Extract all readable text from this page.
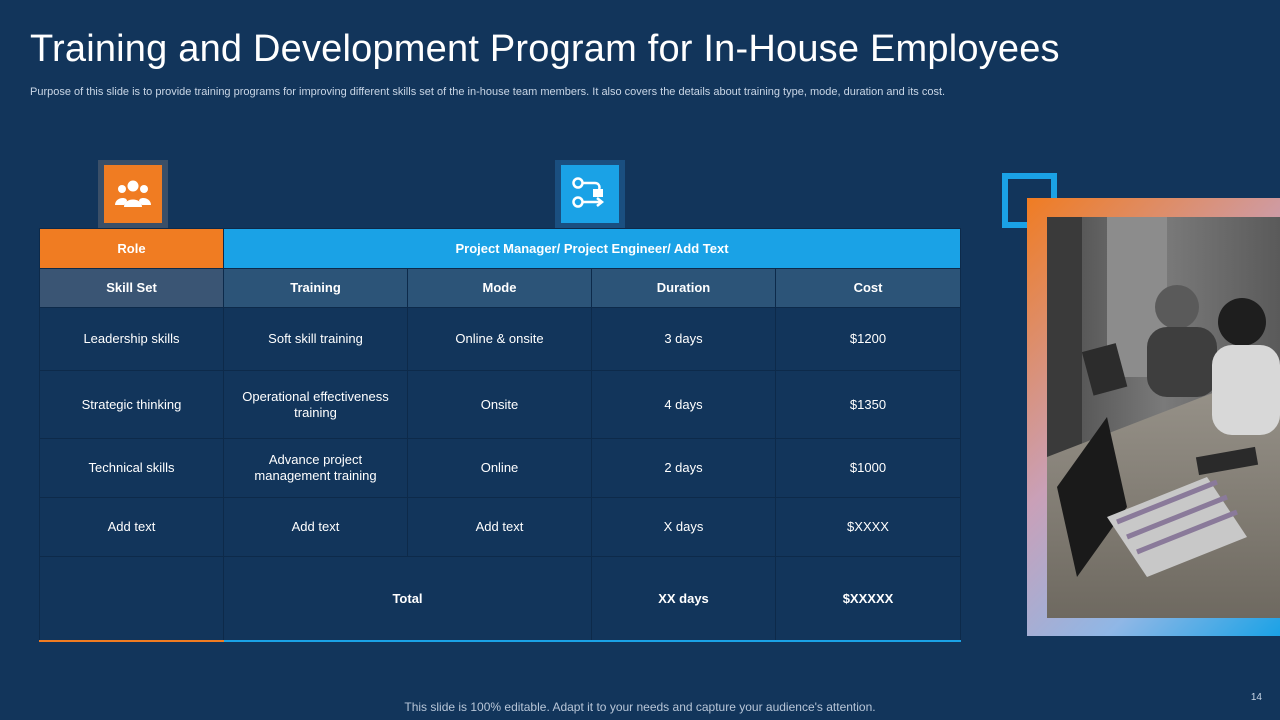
Training and Development Program for In-House Employees
Purpose of this slide is to provide training programs for improving different skills set of the in-house team members. It also covers the details about training type, mode, duration and its cost.
Role	Project Manager/ Project Engineer/ Add Text			
Skill Set	Training	Mode	Duration	Cost
Leadership skills	Soft skill training	Online & onsite	3 days	$1200
Strategic thinking	Operational effectiveness training	Onsite	4 days	$1350
Technical skills	Advance project management training	Online	2 days	$1000
Add text	Add text	Add text	X days	$XXXX
	Total		XX days	$XXXXX
This slide is 100% editable. Adapt it to your needs and capture your audience's attention.
14
